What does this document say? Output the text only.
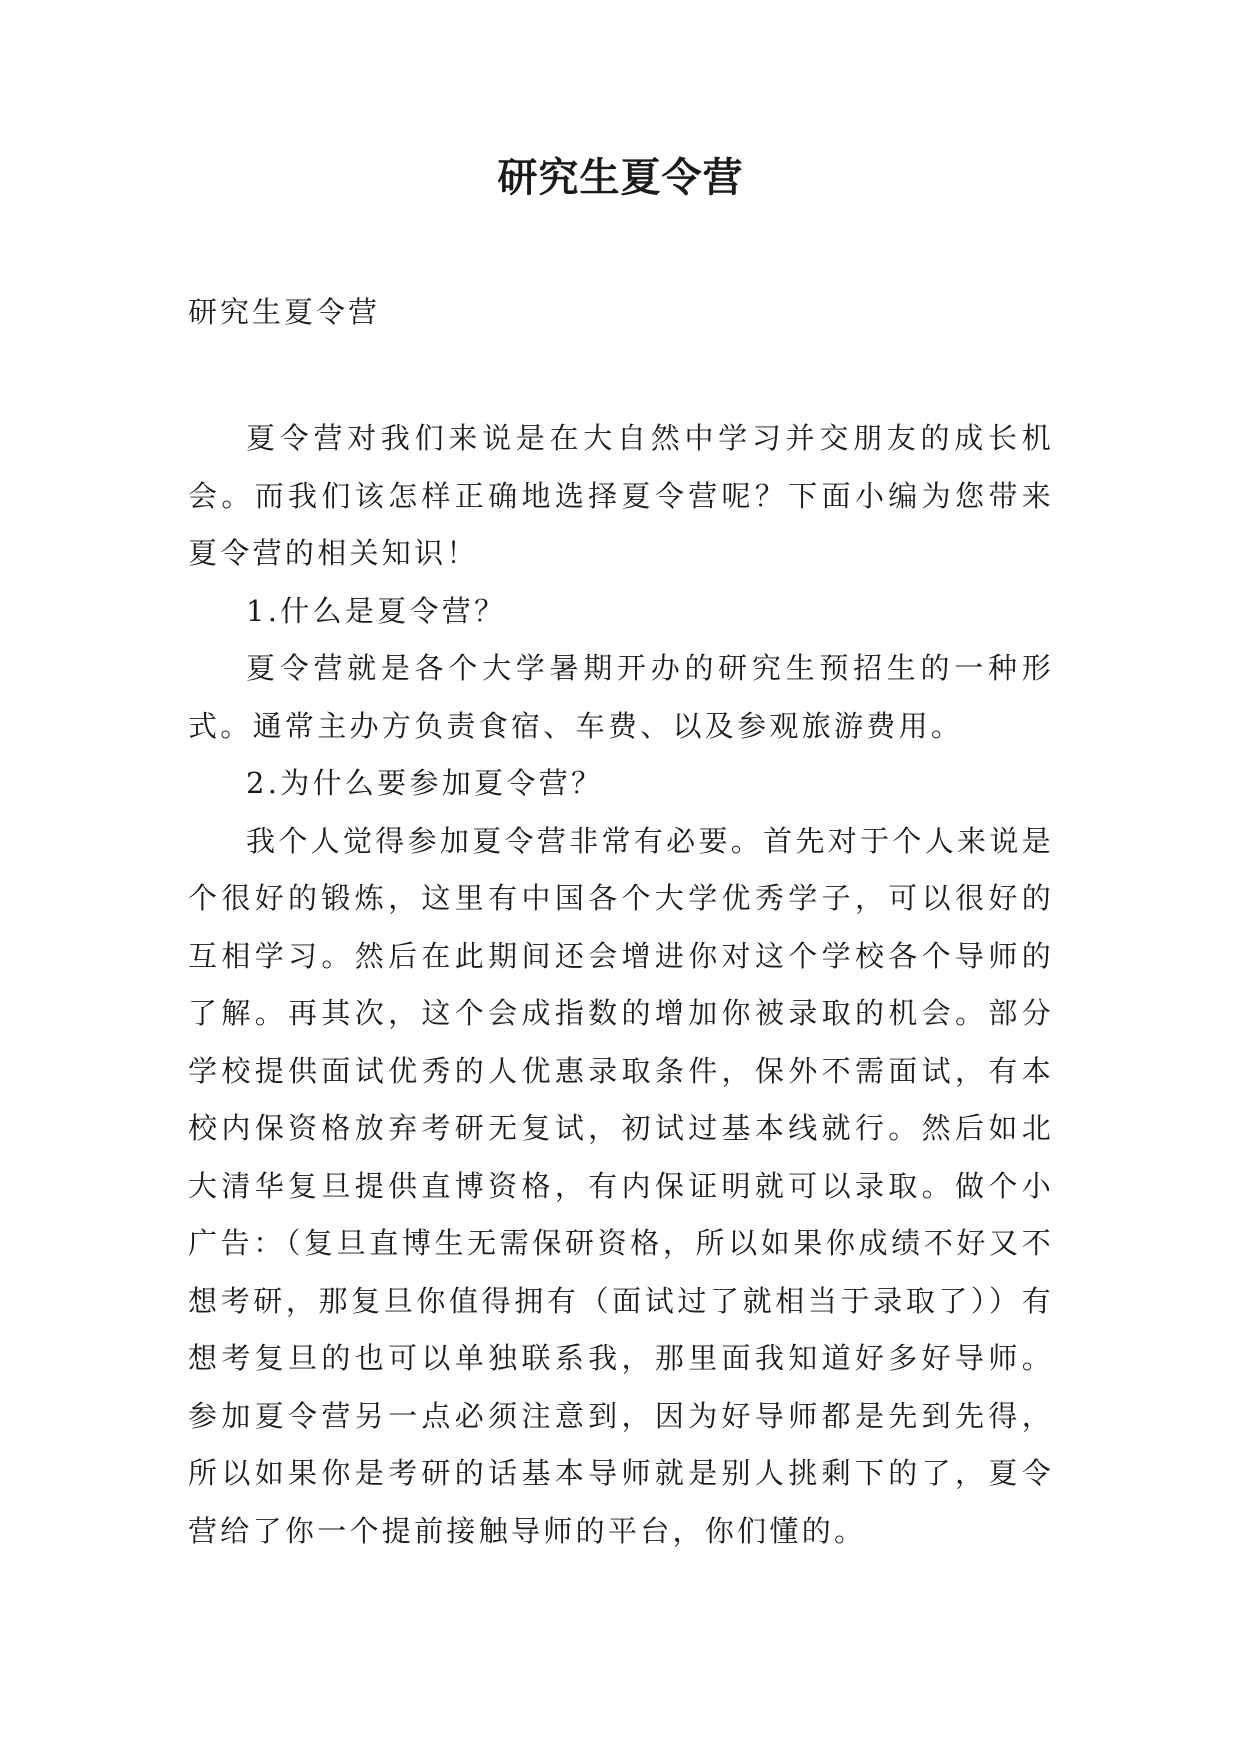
研究生夏令营

研究生夏令营

夏令营对我们来说是在大自然中学习并交朋友的成长机会。而我们该怎样正确地选择夏令营呢？下面小编为您带来夏令营的相关知识！

1.什么是夏令营？

夏令营就是各个大学暑期开办的研究生预招生的一种形式。通常主办方负责食宿、车费、以及参观旅游费用。

2.为什么要参加夏令营？

我个人觉得参加夏令营非常有必要。首先对于个人来说是个很好的锻炼，这里有中国各个大学优秀学子，可以很好的互相学习。然后在此期间还会增进你对这个学校各个导师的了解。再其次，这个会成指数的增加你被录取的机会。部分学校提供面试优秀的人优惠录取条件，保外不需面试，有本校内保资格放弃考研无复试，初试过基本线就行。然后如北大清华复旦提供直博资格，有内保证明就可以录取。做个小广告：（复旦直博生无需保研资格，所以如果你成绩不好又不想考研，那复旦你值得拥有（面试过了就相当于录取了））有想考复旦的也可以单独联系我，那里面我知道好多好导师。参加夏令营另一点必须注意到，因为好导师都是先到先得，所以如果你是考研的话基本导师就是别人挑剩下的了，夏令营给了你一个提前接触导师的平台，你们懂的。
